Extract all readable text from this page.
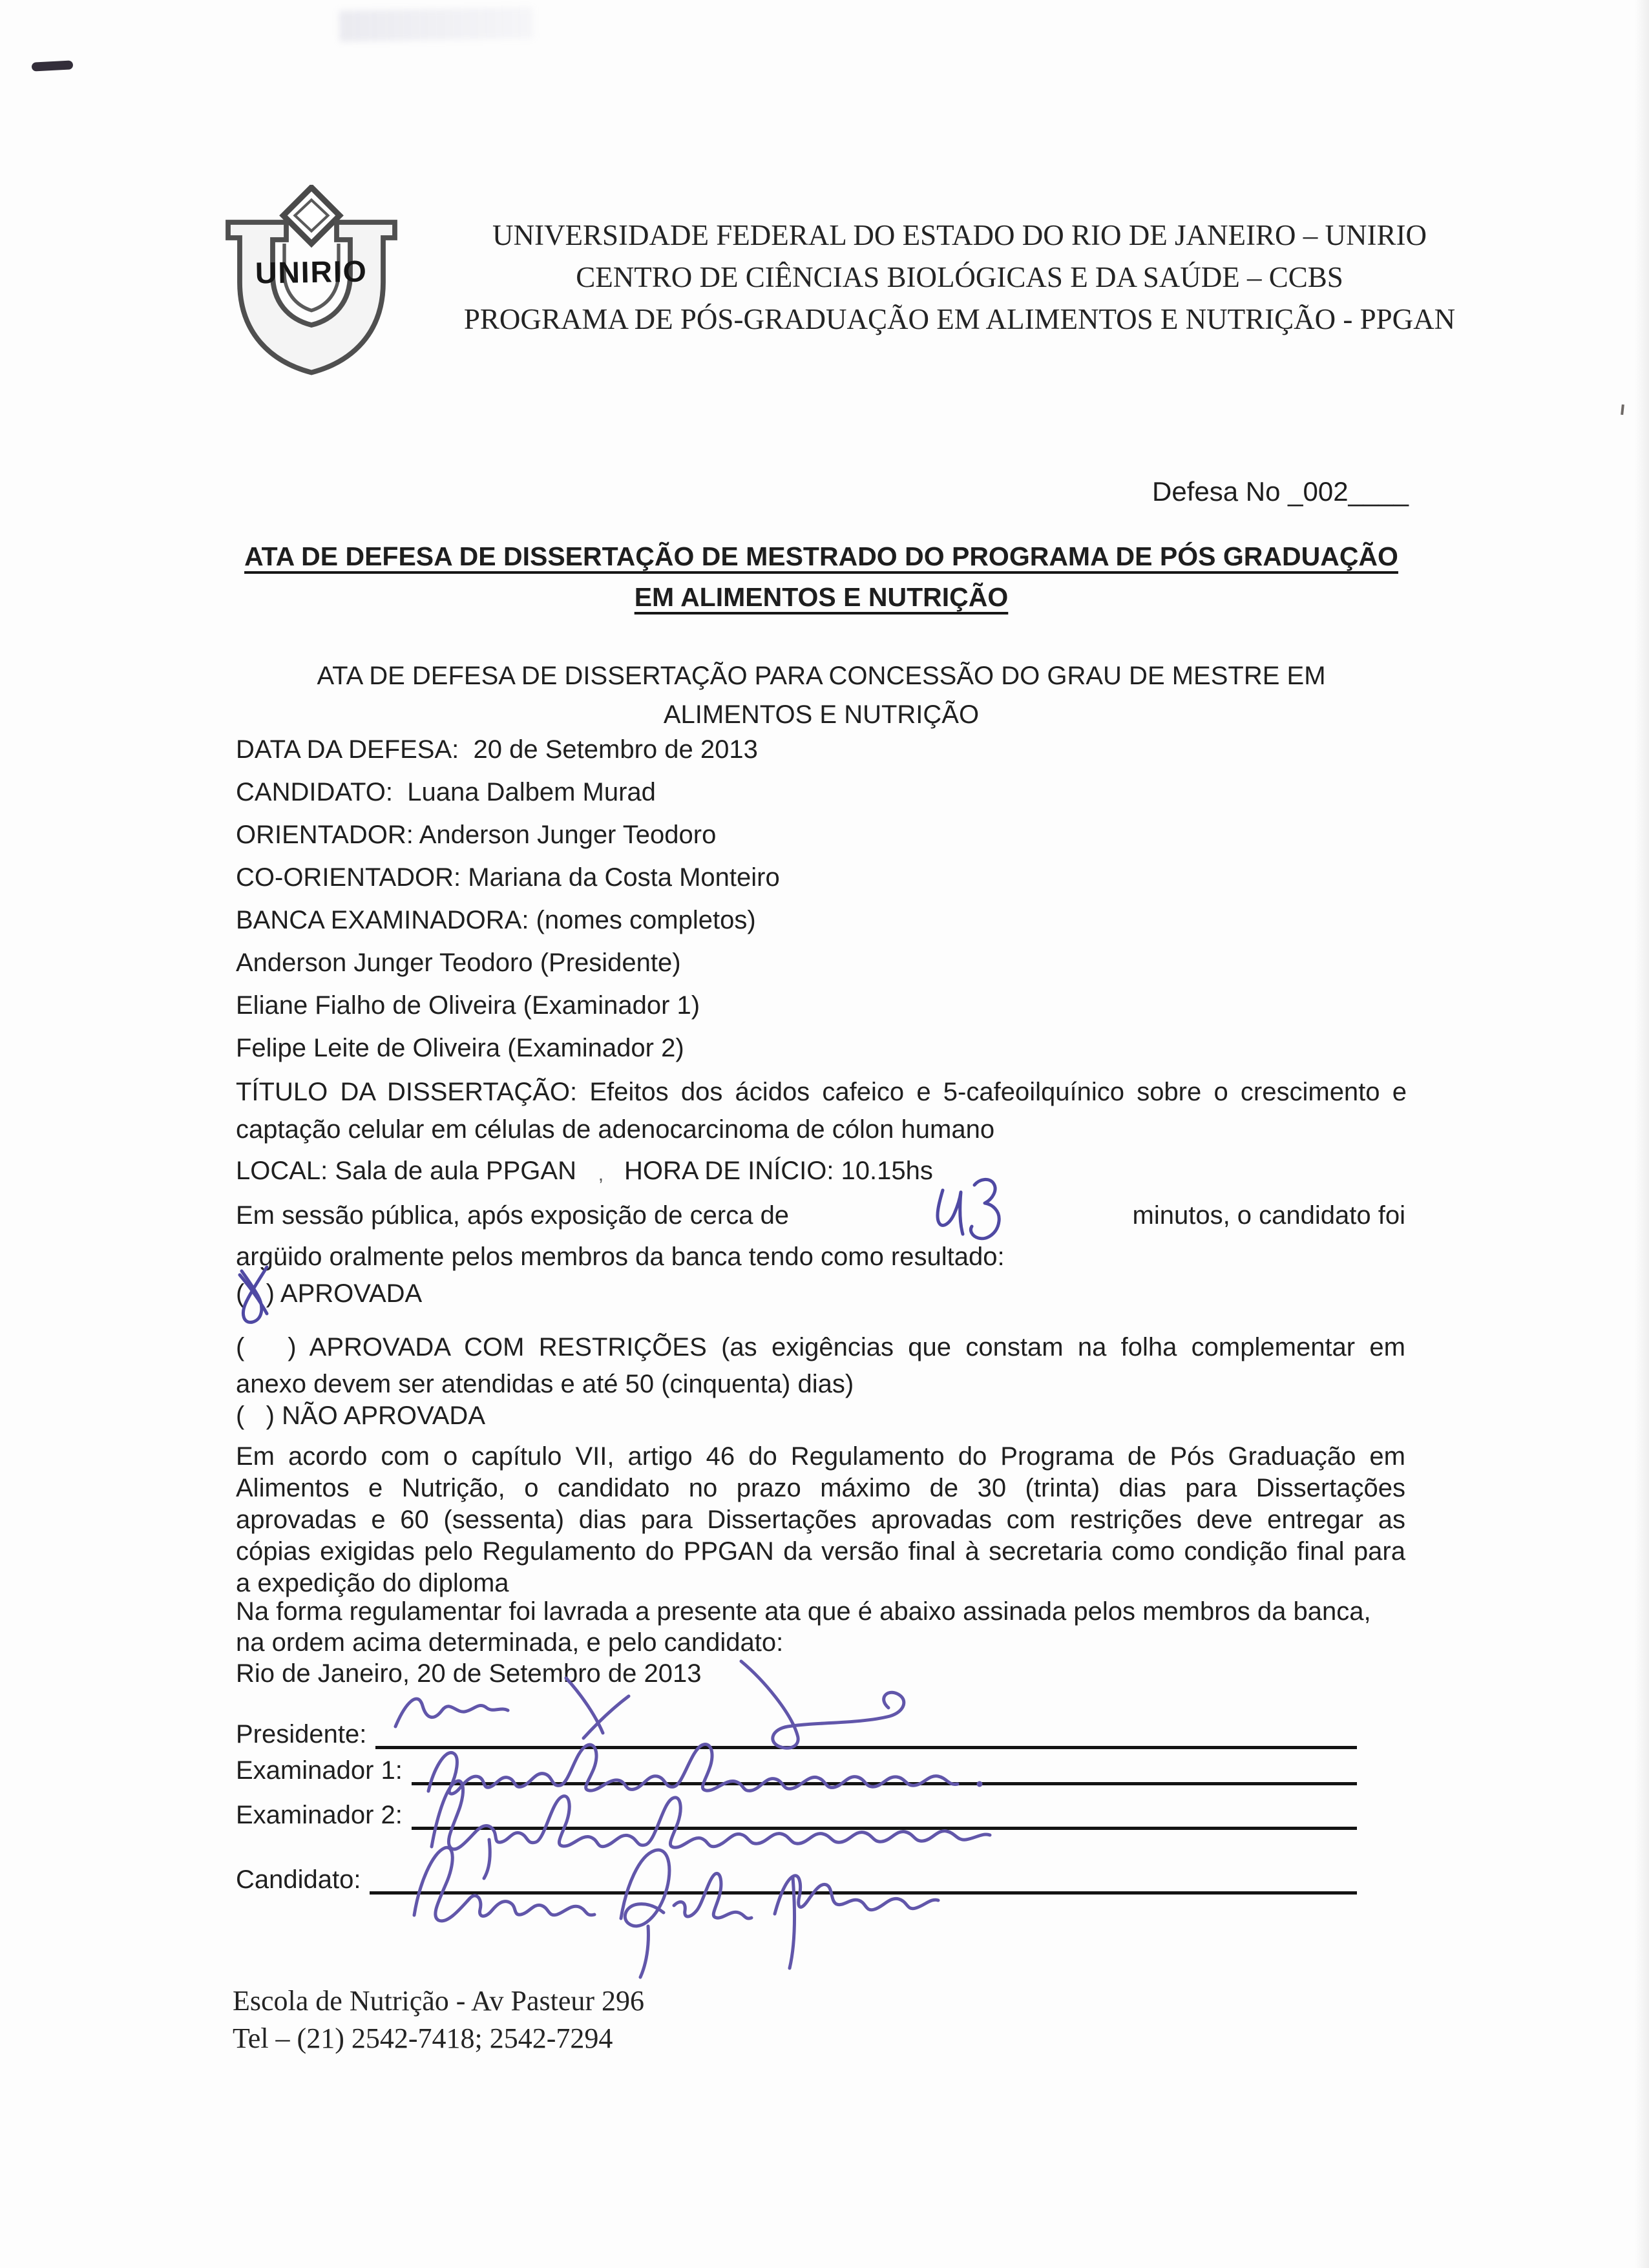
UNIRIO
UNIVERSIDADE FEDERAL DO ESTADO DO RIO DE JANEIRO – UNIRIO
CENTRO DE CIÊNCIAS BIOLÓGICAS E DA SAÚDE – CCBS
PROGRAMA DE PÓS-GRADUAÇÃO EM ALIMENTOS E NUTRIÇÃO - PPGAN
Defesa No _002____
ATA DE DEFESA DE DISSERTAÇÃO DE MESTRADO DO PROGRAMA DE PÓS GRADUAÇÃO
EM ALIMENTOS E NUTRIÇÃO
ATA DE DEFESA DE DISSERTAÇÃO PARA CONCESSÃO DO GRAU DE MESTRE EM
ALIMENTOS E NUTRIÇÃO
DATA DA DEFESA:  20 de Setembro de 2013
CANDIDATO:  Luana Dalbem Murad
ORIENTADOR: Anderson Junger Teodoro
CO-ORIENTADOR: Mariana da Costa Monteiro
BANCA EXAMINADORA: (nomes completos)
Anderson Junger Teodoro (Presidente)
Eliane Fialho de Oliveira (Examinador 1)
Felipe Leite de Oliveira (Examinador 2)
TÍTULO DA DISSERTAÇÃO: Efeitos dos ácidos cafeico e 5-cafeoilquínico sobre o crescimento e
captação celular em células de adenocarcinoma de cólon humano
LOCAL: Sala de aula PPGAN	, HORA DE INÍCIO: 10.15hs
Em sessão pública, após exposição de cerca de	minutos, o candidato foi
argüido oralmente pelos membros da banca tendo como resultado:
(   ) APROVADA
(   ) APROVADA COM RESTRIÇÕES (as exigências que constam na folha complementar em
anexo devem ser atendidas e até 50 (cinquenta) dias)
(   ) NÃO APROVADA
Em acordo com o capítulo VII, artigo 46 do Regulamento do Programa de Pós Graduação em
Alimentos e Nutrição, o candidato no prazo máximo de 30 (trinta) dias para Dissertações
aprovadas e 60 (sessenta) dias para Dissertações aprovadas com restrições deve entregar as
cópias exigidas pelo Regulamento do PPGAN da versão final à secretaria como condição final para
a expedição do diploma
Na forma regulamentar foi lavrada a presente ata que é abaixo assinada pelos membros da banca,
na ordem acima determinada, e pelo candidato:
Rio de Janeiro, 20 de Setembro de 2013
Presidente:
Examinador 1:
Examinador 2:
Candidato:
Escola de Nutrição - Av Pasteur 296
Tel – (21) 2542-7418; 2542-7294
